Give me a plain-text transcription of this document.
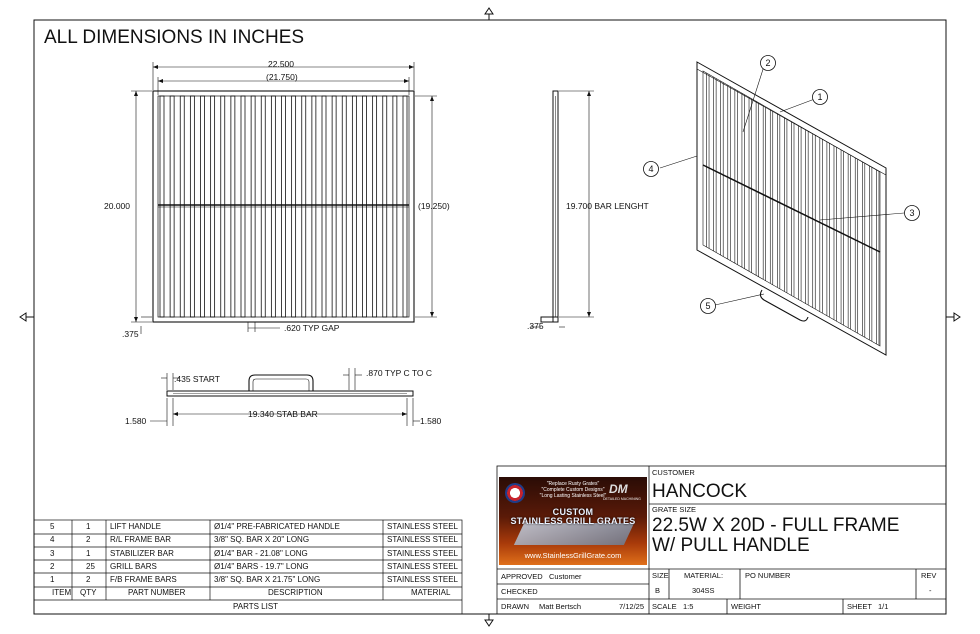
1
2
3
4
5
ALL DIMENSIONS IN INCHES
22.500
(21.750)
20.000	(19.250)
.375
.620 TYP GAP
19.700 BAR LENGHT
.375
.435 START
.870 TYP C TO C
1.580	1.580
19.340 STAB BAR
5	1 LIFT HANDLE	Ø1/4" PRE-FABRICATED HANDLE	STAINLESS STEEL
4	2 R/L FRAME BAR	3/8" SQ. BAR X 20" LONG	STAINLESS STEEL
3	1 STABILIZER BAR	Ø1/4" BAR - 21.08" LONG	STAINLESS STEEL
2	25 GRILL BARS	Ø1/4" BARS - 19.7" LONG	STAINLESS STEEL
1	2 F/B FRAME BARS	3/8" SQ. BAR X 21.75" LONG	STAINLESS STEEL
ITEM QTY	PART NUMBER	DESCRIPTION	MATERIAL
PARTS LIST
"Replace Rusty Grates"
"Complete Custom Designs"
"Long Lasting Stainless Steel" DM
DETAILED MACHINING
CUSTOM
STAINLESS GRILL GRATES
www.StainlessGrillGrate.com
CUSTOMER
HANCOCK
GRATE SIZE
22.5W X 20D - FULL FRAME
W/ PULL HANDLE
APPROVED Customer
CHECKED
DRAWN Matt Bertsch	7/12/25
SIZE
B
MATERIAL:
304SS
PO NUMBER	REV
-
SCALE 1:5	WEIGHT	SHEET 1/1
